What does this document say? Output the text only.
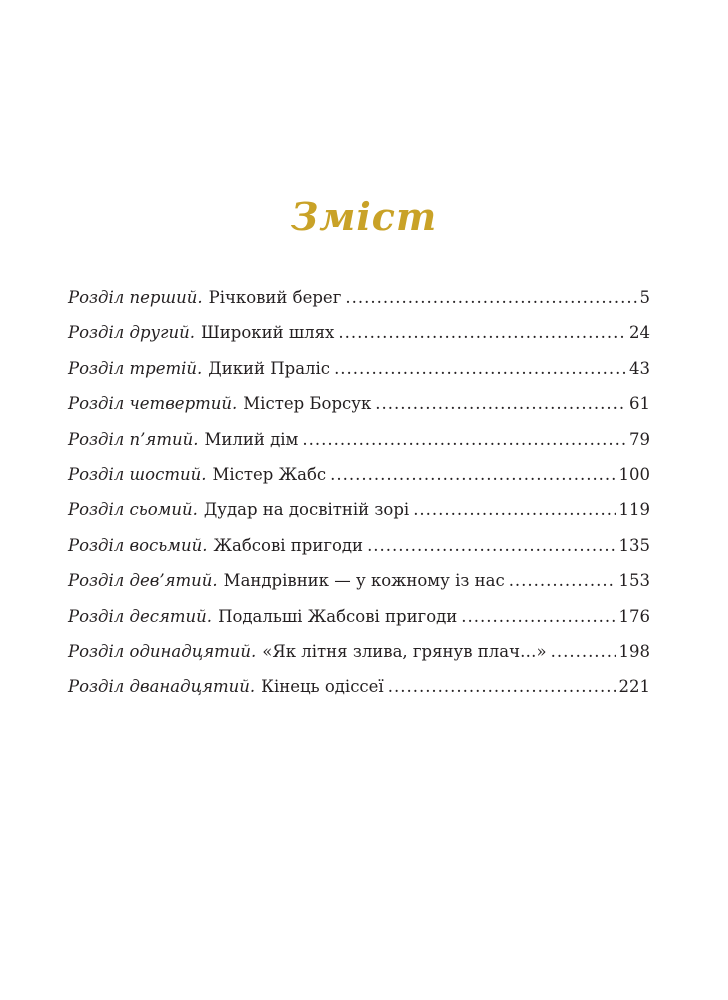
Зміст
Розділ перший. Річковий берег .....	5
Розділ другий. Широкий шлях .....	24
Розділ третій. Дикий Праліс .....	43
Розділ четвертий. Містер Борсук .....	61
Розділ п’ятий. Милий дім .....	79
Розділ шостий. Містер Жабс .....	100
Розділ сьомий. Дудар на досвітній зорі .....	119
Розділ восьмий. Жабсові пригоди .....	135
Розділ дев’ятий. Мандрівник — у кожному із нас .....	153
Розділ десятий. Подальші Жабсові пригоди .....	176
Розділ одинадцятий. «Як літня злива, грянув плач…» .....	198
Розділ дванадцятий. Кінець одіссеї .....	221
